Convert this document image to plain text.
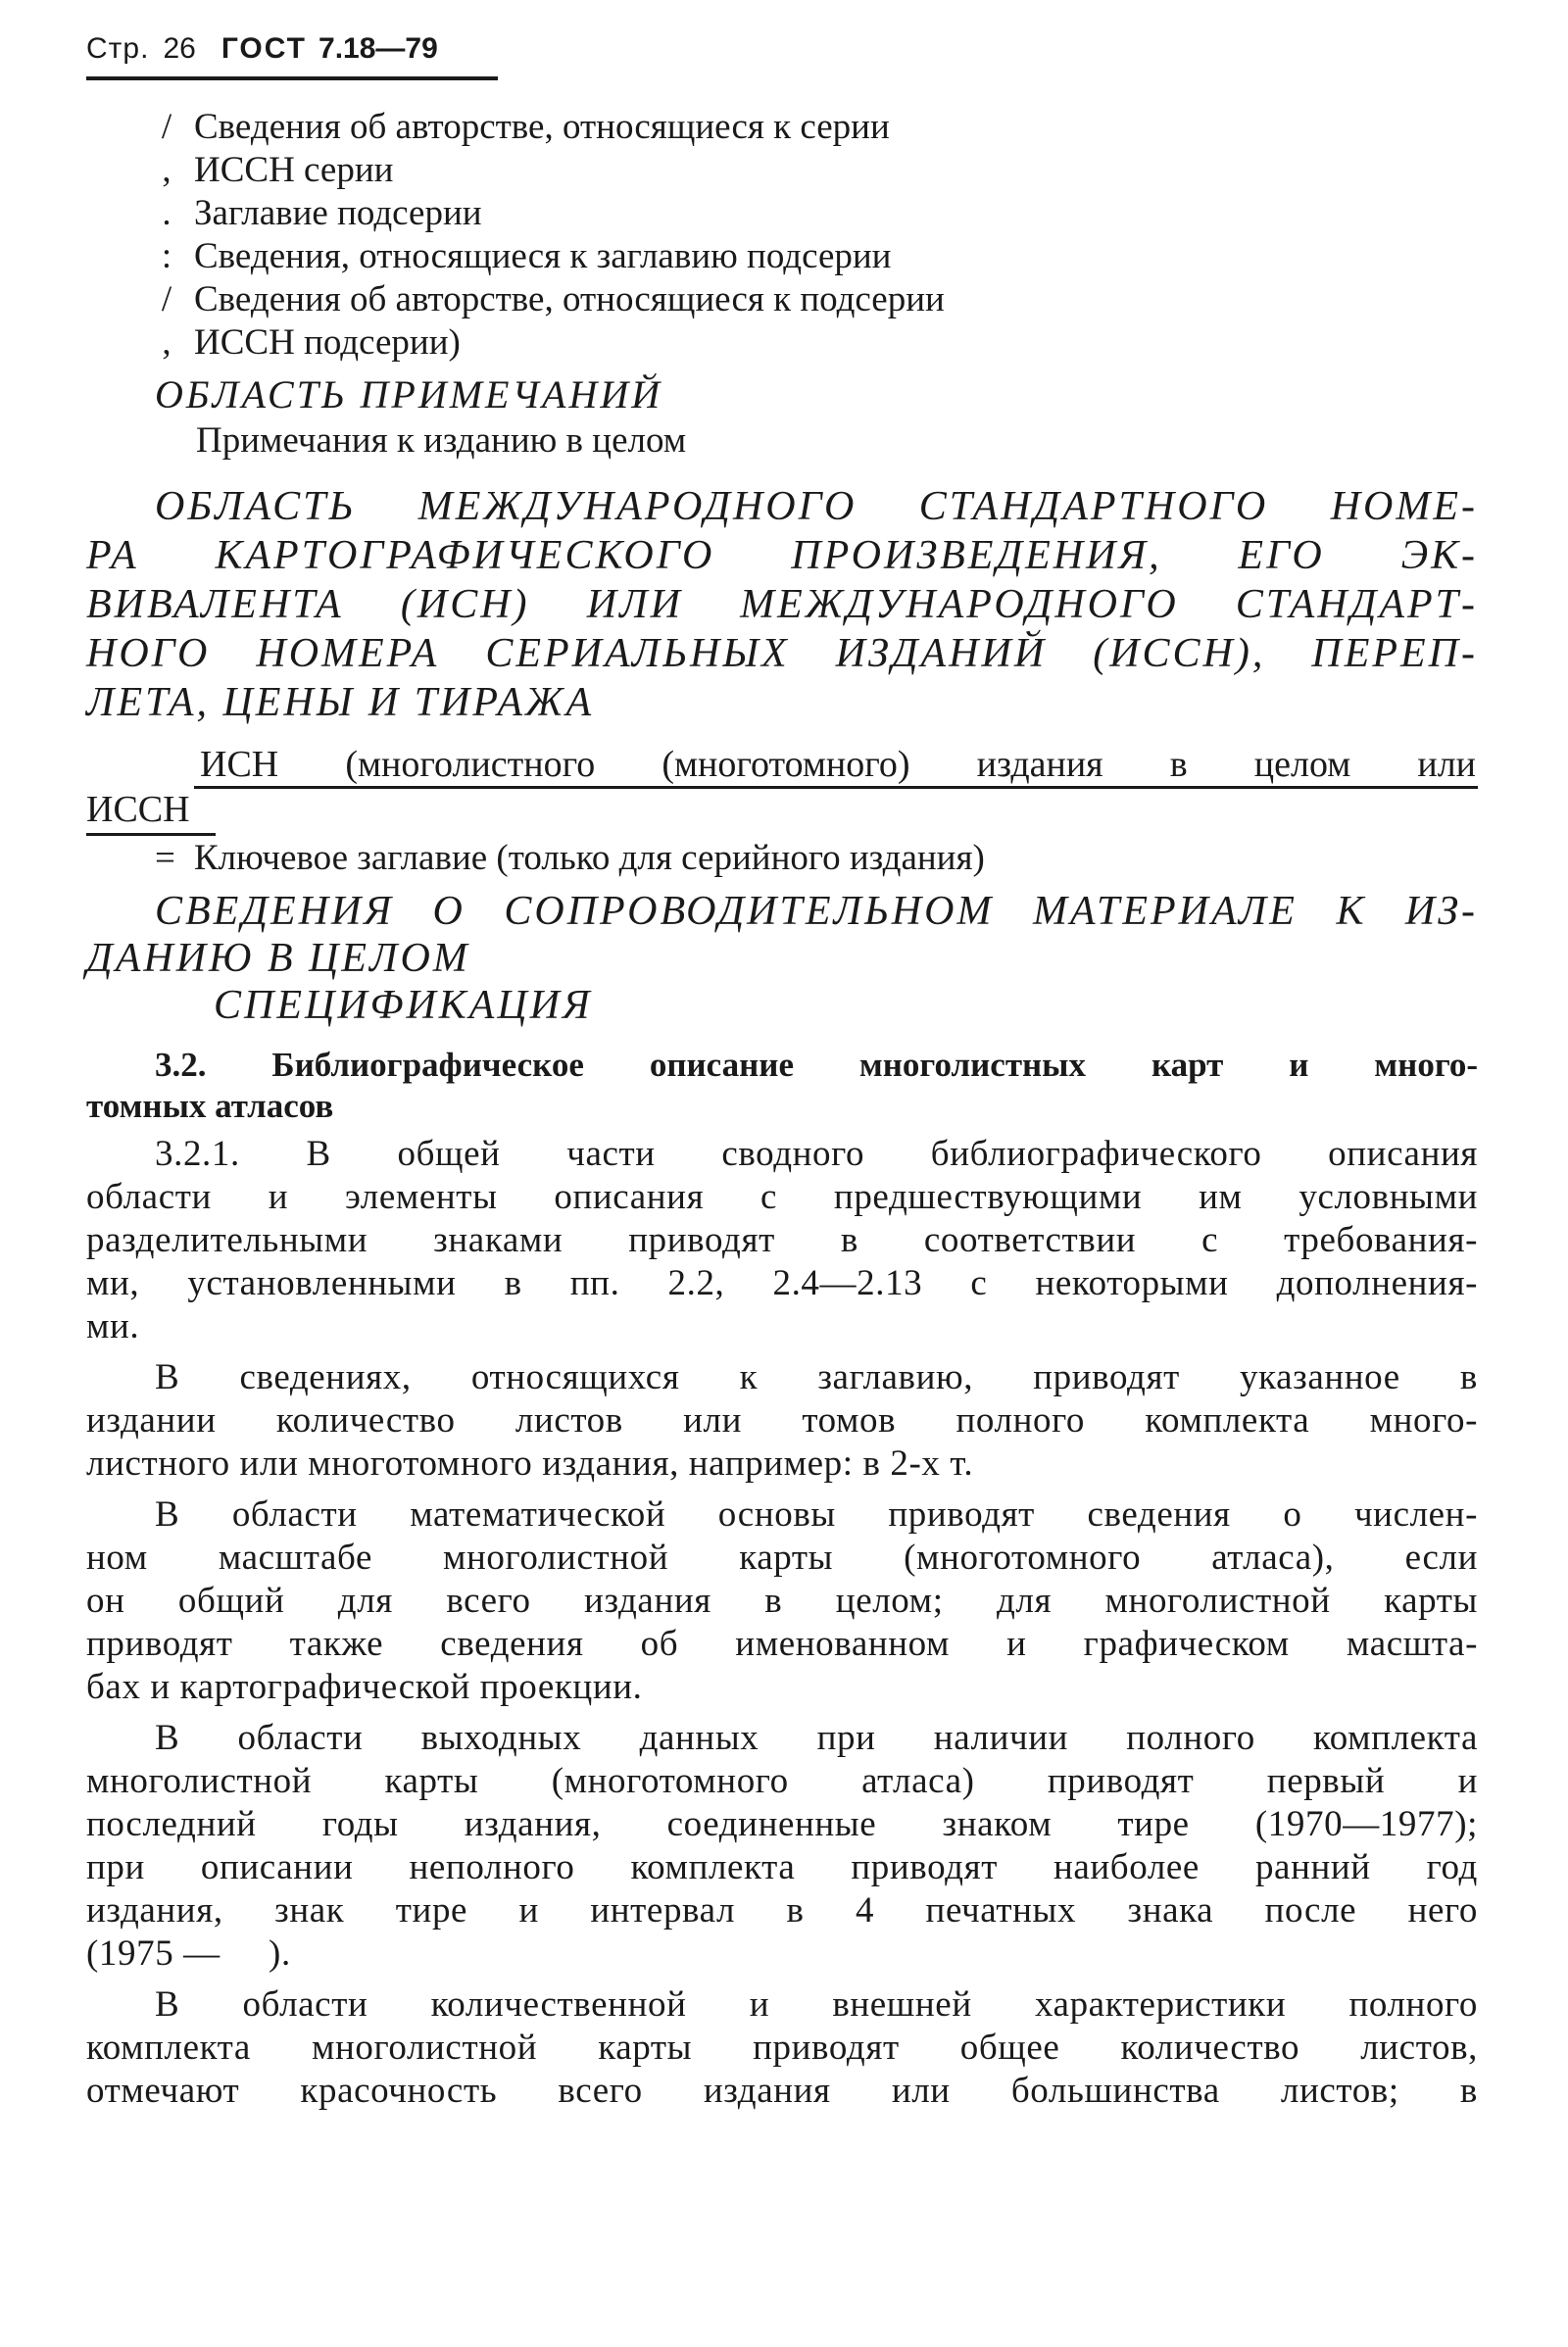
Стр. 26 ГОСТ 7.18—79
/ Сведения об авторстве, относящиеся к серии
, ИССН серии
. Заглавие подсерии
: Сведения, относящиеся к заглавию подсерии
/ Сведения об авторстве, относящиеся к подсерии
, ИССН подсерии)
ОБЛАСТЬ ПРИМЕЧАНИЙ
Примечания к изданию в целом
ОБЛАСТЬ МЕЖДУНАРОДНОГО СТАНДАРТНОГО НОМЕ-
РА КАРТОГРАФИЧЕСКОГО ПРОИЗВЕДЕНИЯ, ЕГО ЭК-
ВИВАЛЕНТА (ИСН) ИЛИ МЕЖДУНАРОДНОГО СТАНДАРТ-
НОГО НОМЕРА СЕРИАЛЬНЫХ ИЗДАНИЙ (ИССН), ПЕРЕП-
ЛЕТА, ЦЕНЫ И ТИРАЖА
ИСН (многолистного (многотомного) издания в целом или
ИССН
= Ключевое заглавие (только для серийного издания)
СВЕДЕНИЯ О СОПРОВОДИТЕЛЬНОМ МАТЕРИАЛЕ К ИЗ-
ДАНИЮ В ЦЕЛОМ
СПЕЦИФИКАЦИЯ
3.2. Библиографическое описание многолистных карт и много-
томных атласов
3.2.1. В общей части сводного библиографического описания
области и элементы описания с предшествующими им условными
разделительными знаками приводят в соответствии с требования-
ми, установленными в пп. 2.2, 2.4—2.13 с некоторыми дополнения-
ми.
В сведениях, относящихся к заглавию, приводят указанное в
издании количество листов или томов полного комплекта много-
листного или многотомного издания, например: в 2-х т.
В области математической основы приводят сведения о числен-
ном масштабе многолистной карты (многотомного атласа), если
он общий для всего издания в целом; для многолистной карты
приводят также сведения об именованном и графическом масшта-
бах и картографической проекции.
В области выходных данных при наличии полного комплекта
многолистной карты (многотомного атласа) приводят первый и
последний годы издания, соединенные знаком тире (1970—1977);
при описании неполного комплекта приводят наиболее ранний год
издания, знак тире и интервал в 4 печатных знака после него
(1975 —     ).
В области количественной и внешней характеристики полного
комплекта многолистной карты приводят общее количество листов,
отмечают красочность всего издания или большинства листов; в
